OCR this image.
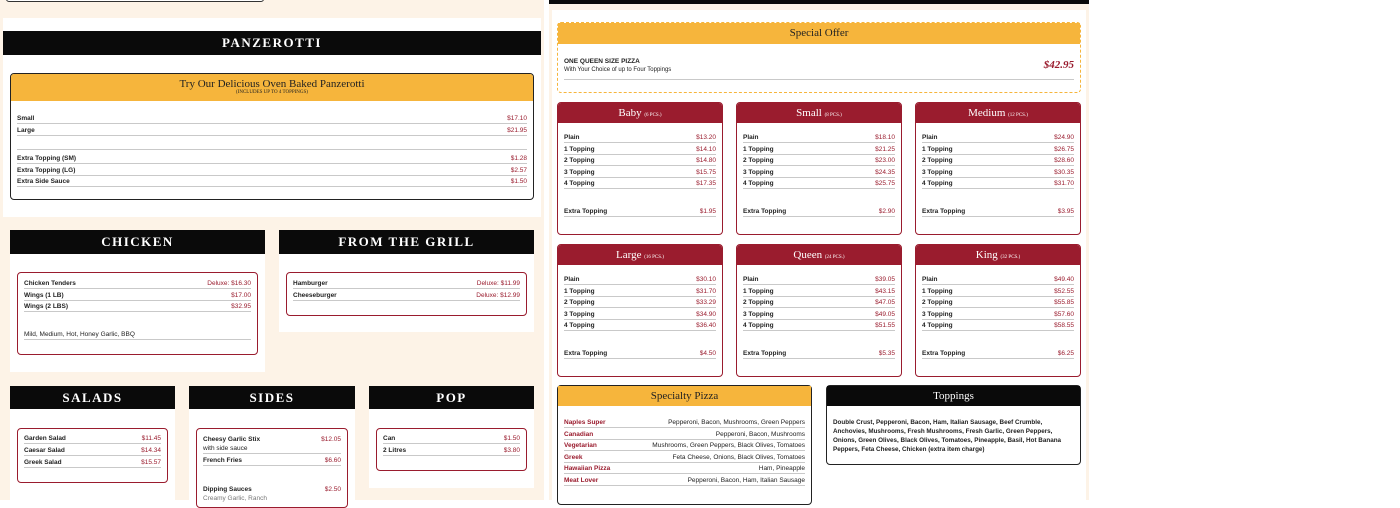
PANZEROTTI
Try Our Delicious Oven Baked Panzerotti
(INCLUDES UP TO 4 TOPPINGS)
Small	$17.10
Large	$21.95
Extra Topping (SM)	$1.28
Extra Topping (LG)	$2.57
Extra Side Sauce	$1.50
CHICKEN
Chicken Tenders	Deluxe: $16.30
Wings (1 LB)	$17.00
Wings (2 LBS)	$32.95
Mild, Medium, Hot, Honey Garlic, BBQ
FROM THE GRILL
Hamburger	Deluxe: $11.99
Cheeseburger	Deluxe: $12.99
SALADS
Garden Salad	$11.45
Caesar Salad	$14.34
Greek Salad	$15.57
SIDES
Cheesy Garlic Stix	$12.05
with side sauce
French Fries	$6.60
Dipping Sauces	$2.50
Creamy Garlic, Ranch
POP
Can	$1.50
2 Litres	$3.80
Special Offer
ONE QUEEN SIZE PIZZA
With Your Choice of up to Four Toppings	$42.95
Baby (6 PCS.)
Plain	$13.20
1 Topping	$14.10
2 Topping	$14.80
3 Topping	$15.75
4 Topping	$17.35
Extra Topping	$1.95
Small (8 PCS.)
Plain	$18.10
1 Topping	$21.25
2 Topping	$23.00
3 Topping	$24.35
4 Topping	$25.75
Extra Topping	$2.90
Medium (12 PCS.)
Plain	$24.90
1 Topping	$26.75
2 Topping	$28.60
3 Topping	$30.35
4 Topping	$31.70
Extra Topping	$3.95
Large (16 PCS.)
Plain	$30.10
1 Topping	$31.70
2 Topping	$33.29
3 Topping	$34.90
4 Topping	$36.40
Extra Topping	$4.50
Queen (24 PCS.)
Plain	$39.05
1 Topping	$43.15
2 Topping	$47.05
3 Topping	$49.05
4 Topping	$51.55
Extra Topping	$5.35
King (32 PCS.)
Plain	$49.40
1 Topping	$52.55
2 Topping	$55.85
3 Topping	$57.60
4 Topping	$58.55
Extra Topping	$6.25
Specialty Pizza
Naples Super	Pepperoni, Bacon, Mushrooms, Green Peppers
Canadian	Pepperoni, Bacon, Mushrooms
Vegetarian	Mushrooms, Green Peppers, Black Olives, Tomatoes
Greek	Feta Cheese, Onions, Black Olives, Tomatoes
Hawaiian Pizza	Ham, Pineapple
Meat Lover	Pepperoni, Bacon, Ham, Italian Sausage
Toppings
Double Crust, Pepperoni, Bacon, Ham, Italian Sausage, Beef Crumble, Anchovies, Mushrooms, Fresh Mushrooms, Fresh Garlic, Green Peppers, Onions, Green Olives, Black Olives, Tomatoes, Pineapple, Basil, Hot Banana Peppers, Feta Cheese, Chicken (extra item charge)
